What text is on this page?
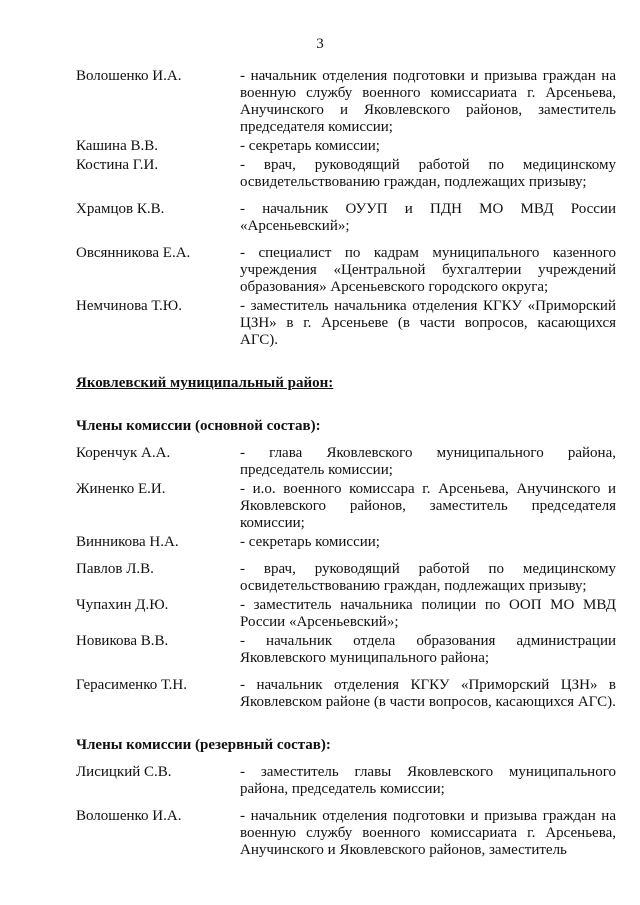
3
Волошенко И.А.	- начальник отделения подготовки и призыва граждан на военную службу военного комиссариата г. Арсеньева, Анучинского и Яковлевского районов, заместитель председателя комиссии;
Кашина В.В.	- секретарь комиссии;
Костина Г.И.	- врач, руководящий работой по медицинскому освидетельствованию граждан, подлежащих призыву;
Храмцов К.В.	- начальник ОУУП и ПДН МО МВД России «Арсеньевский»;
Овсянникова Е.А.	- специалист по кадрам муниципального казенного учреждения «Центральной бухгалтерии учреждений образования» Арсеньевского городского округа;
Немчинова Т.Ю.	- заместитель начальника отделения КГКУ «Приморский ЦЗН» в г. Арсеньеве (в части вопросов, касающихся АГС).
Яковлевский муниципальный район:
Члены комиссии (основной состав):
Коренчук А.А.	- глава Яковлевского муниципального района, председатель комиссии;
Жиненко Е.И.	- и.о. военного комиссара г. Арсеньева, Анучинского и Яковлевского районов, заместитель председателя комиссии;
Винникова Н.А.	- секретарь комиссии;
Павлов Л.В.	- врач, руководящий работой по медицинскому освидетельствованию граждан, подлежащих призыву;
Чупахин Д.Ю.	- заместитель начальника полиции по ООП МО МВД России «Арсеньевский»;
Новикова В.В.	- начальник отдела образования администрации Яковлевского муниципального района;
Герасименко Т.Н.	- начальник отделения КГКУ «Приморский ЦЗН» в Яковлевском районе (в части вопросов, касающихся АГС).
Члены комиссии (резервный состав):
Лисицкий С.В.	- заместитель главы Яковлевского муниципального района, председатель комиссии;
Волошенко И.А.	- начальник отделения подготовки и призыва граждан на военную службу военного комиссариата г. Арсеньева, Анучинского и Яковлевского районов, заместитель
